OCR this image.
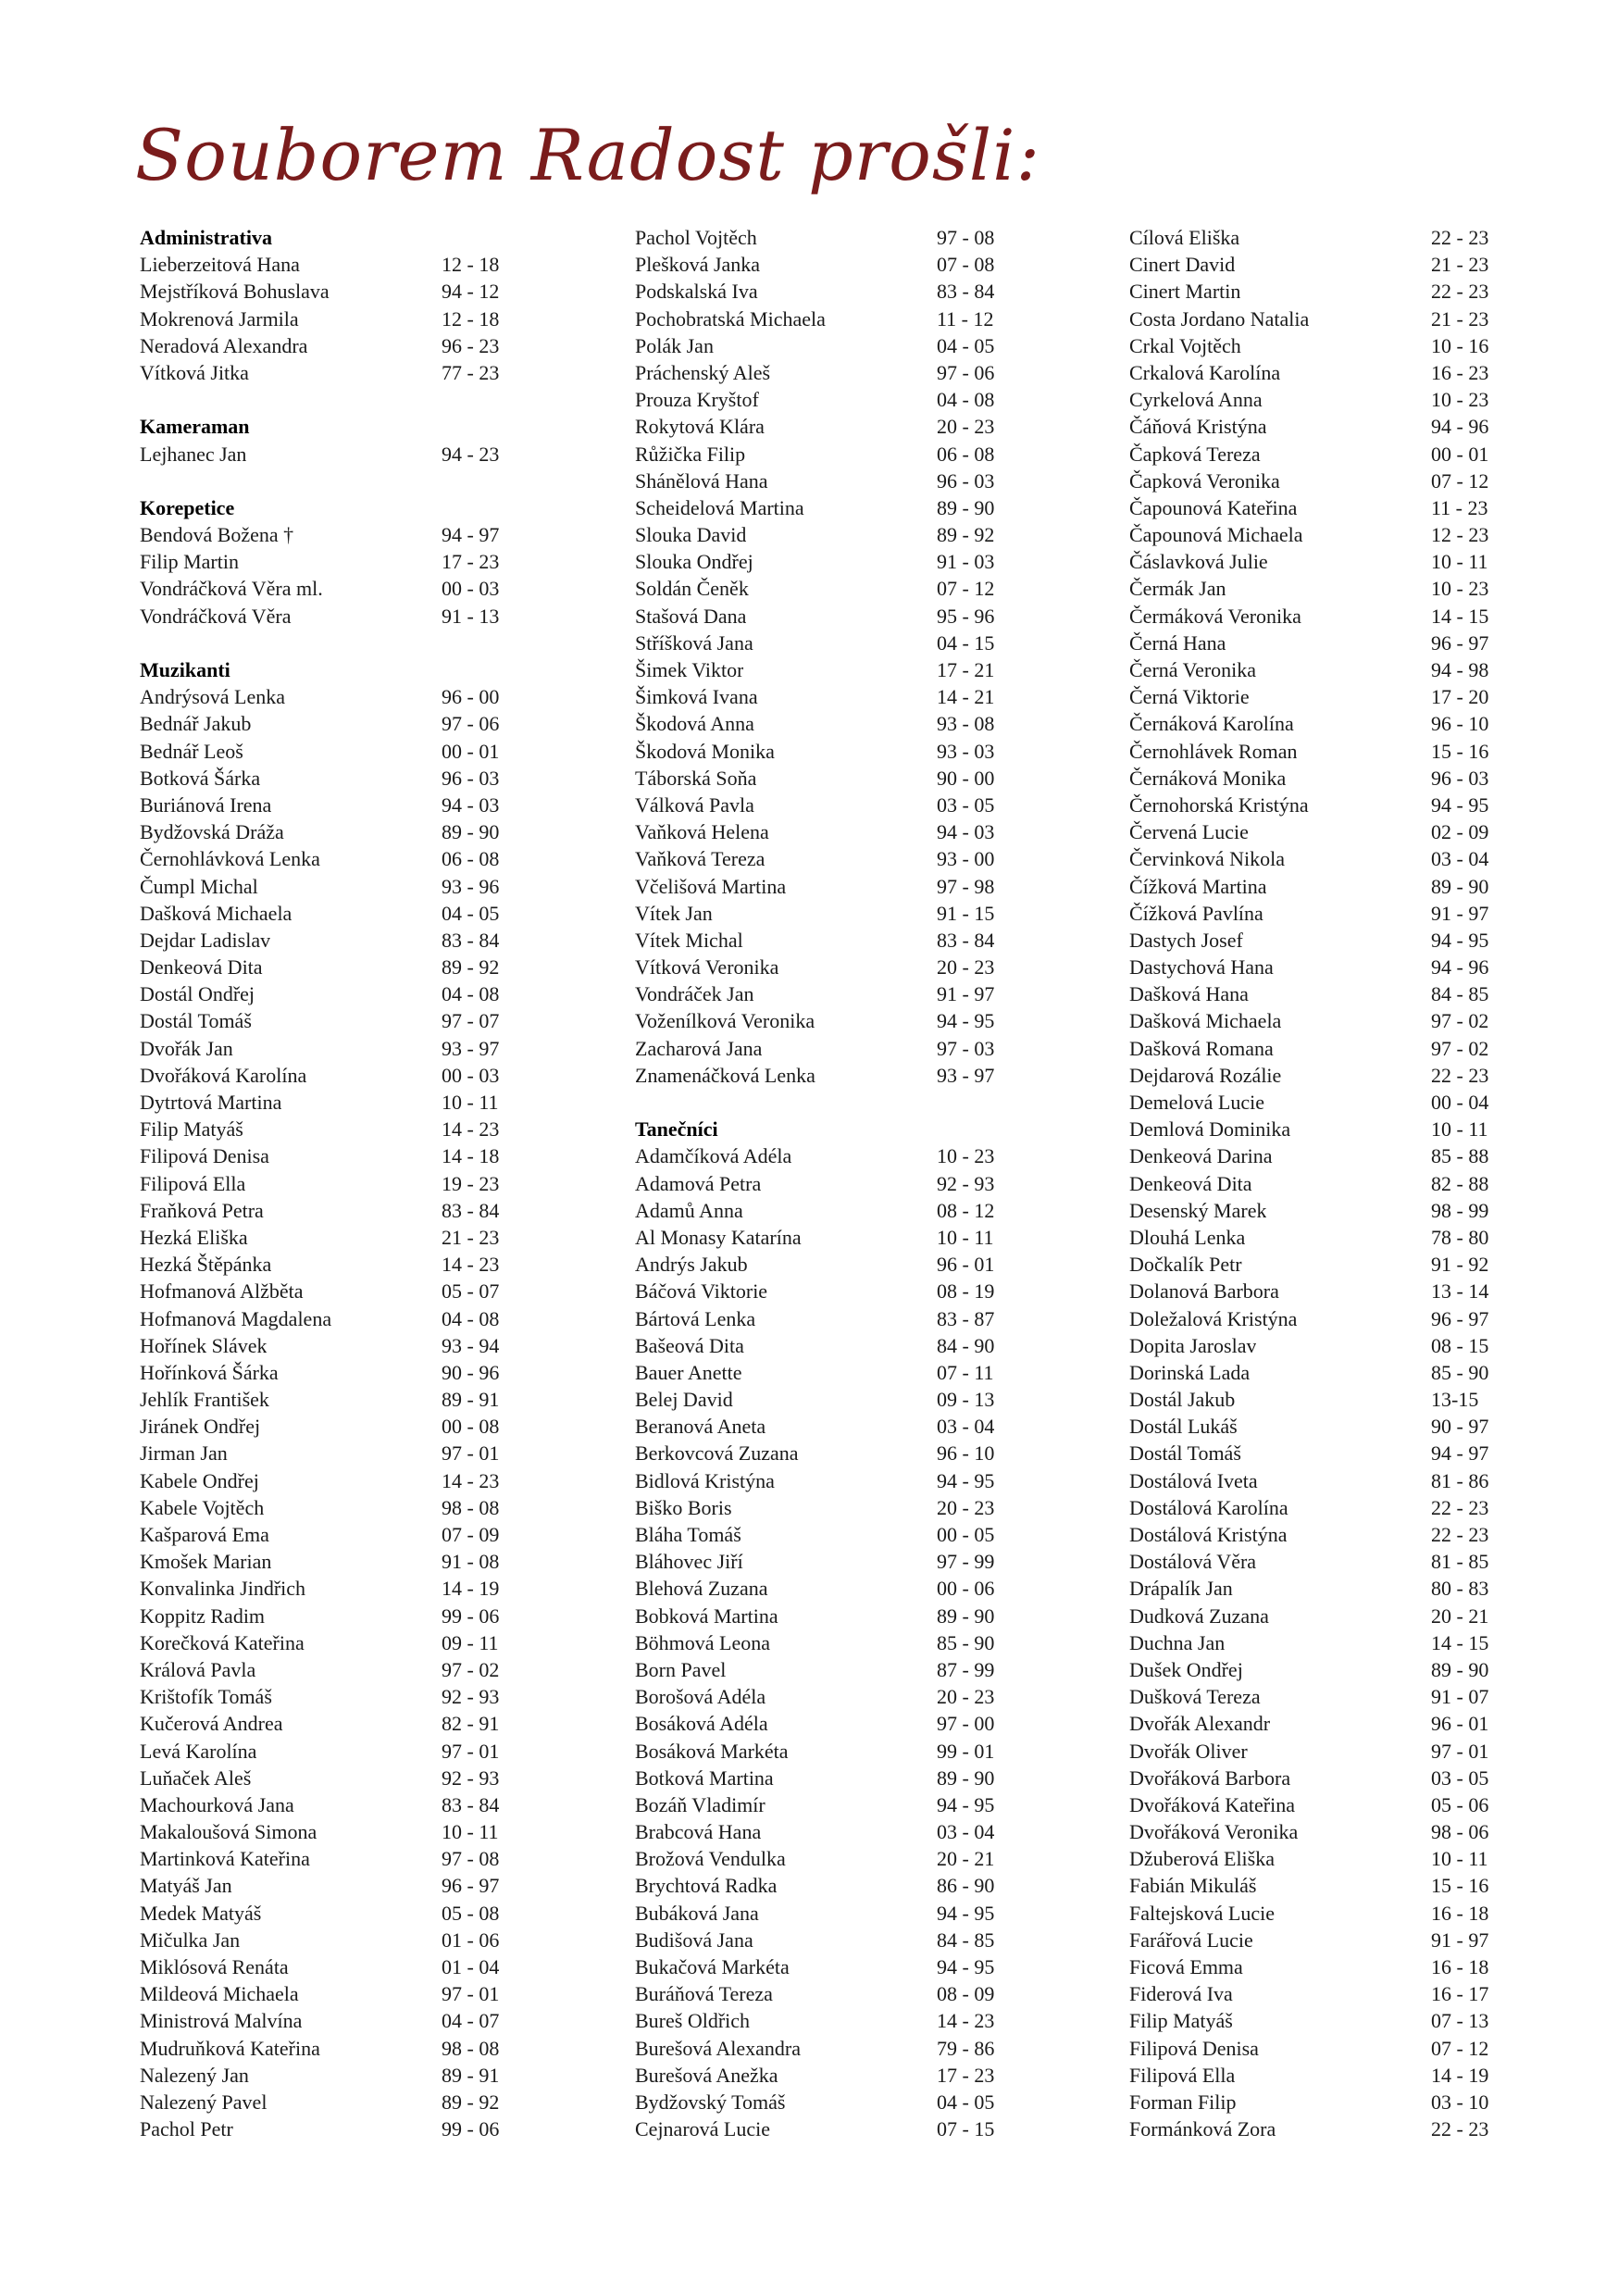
Souborem Radost prošli:
Administrativa
Lieberzeitová Hana	12 - 18
Mejstříková Bohuslava	94 - 12
Mokrenová Jarmila	12 - 18
Neradová Alexandra	96 - 23
Vítková Jitka	77 - 23
Kameraman
Lejhanec Jan	94 - 23
Korepetice
Bendová Božena †	94 - 97
Filip Martin	17 - 23
Vondráčková Věra ml.	00 - 03
Vondráčková Věra	91 - 13
Muzikanti
Andrýsová Lenka	96 - 00
Bednář Jakub	97 - 06
Bednář Leoš	00 - 01
Botková Šárka	96 - 03
Buriánová Irena	94 - 03
Bydžovská Dráža	89 - 90
Černohlávková Lenka	06 - 08
Čumpl Michal	93 - 96
Dašková Michaela	04 - 05
Dejdar Ladislav	83 - 84
Denkeová Dita	89 - 92
Dostál Ondřej	04 - 08
Dostál Tomáš	97 - 07
Dvořák Jan	93 - 97
Dvořáková Karolína	00 - 03
Dytrtová Martina	10 - 11
Filip Matyáš	14 - 23
Filipová Denisa	14 - 18
Filipová Ella	19 - 23
Fraňková Petra	83 - 84
Hezká Eliška	21 - 23
Hezká Štěpánka	14 - 23
Hofmanová Alžběta	05 - 07
Hofmanová Magdalena	04 - 08
Hořínek Slávek	93 - 94
Hořínková Šárka	90 - 96
Jehlík František	89 - 91
Jiránek Ondřej	00 - 08
Jirman Jan	97 - 01
Kabele Ondřej	14 - 23
Kabele Vojtěch	98 - 08
Kašparová Ema	07 - 09
Kmošek Marian	91 - 08
Konvalinka Jindřich	14 - 19
Koppitz Radim	99 - 06
Korečková Kateřina	09 - 11
Králová Pavla	97 - 02
Krištofík Tomáš	92 - 93
Kučerová Andrea	82 - 91
Levá Karolína	97 - 01
Luňaček Aleš	92 - 93
Machourková Jana	83 - 84
Makaloušová Simona	10 - 11
Martinková Kateřina	97 - 08
Matyáš Jan	96 - 97
Medek Matyáš	05 - 08
Mičulka Jan	01 - 06
Miklósová Renáta	01 - 04
Mildeová Michaela	97 - 01
Ministrová Malvína	04 - 07
Mudruňková Kateřina	98 - 08
Nalezený Jan	89 - 91
Nalezený Pavel	89 - 92
Pachol Petr	99 - 06
Pachol Vojtěch	97 - 08
Plešková Janka	07 - 08
Podskalská Iva	83 - 84
Pochobratská Michaela	11 - 12
Polák Jan	04 - 05
Práchenský Aleš	97 - 06
Prouza Kryštof	04 - 08
Rokytová Klára	20 - 23
Růžička Filip	06 - 08
Shánělová Hana	96 - 03
Scheidelová Martina	89 - 90
Slouka David	89 - 92
Slouka Ondřej	91 - 03
Soldán Čeněk	07 - 12
Stašová Dana	95 - 96
Stříšková Jana	04 - 15
Šimek Viktor	17 - 21
Šimková Ivana	14 - 21
Škodová Anna	93 - 08
Škodová Monika	93 - 03
Táborská Soňa	90 - 00
Válková Pavla	03 - 05
Vaňková Helena	94 - 03
Vaňková Tereza	93 - 00
Včelišová Martina	97 - 98
Vítek Jan	91 - 15
Vítek Michal	83 - 84
Vítková Veronika	20 - 23
Vondráček Jan	91 - 97
Voženílková Veronika	94 - 95
Zacharová Jana	97 - 03
Znamenáčková Lenka	93 - 97
Tanečníci
Adamčíková Adéla	10 - 23
Adamová Petra	92 - 93
Adamů Anna	08 - 12
Al Monasy Katarína	10 - 11
Andrýs Jakub	96 - 01
Báčová Viktorie	08 - 19
Bártová Lenka	83 - 87
Bašeová Dita	84 - 90
Bauer Anette	07 - 11
Belej David	09 - 13
Beranová Aneta	03 - 04
Berkovcová Zuzana	96 - 10
Bidlová Kristýna	94 - 95
Biško Boris	20 - 23
Bláha Tomáš	00 - 05
Bláhovec Jiří	97 - 99
Blehová Zuzana	00 - 06
Bobková Martina	89 - 90
Böhmová Leona	85 - 90
Born Pavel	87 - 99
Borošová Adéla	20 - 23
Bosáková Adéla	97 - 00
Bosáková Markéta	99 - 01
Botková Martina	89 - 90
Bozáň Vladimír	94 - 95
Brabcová Hana	03 - 04
Brožová Vendulka	20 - 21
Brychtová Radka	86 - 90
Bubáková Jana	94 - 95
Budišová Jana	84 - 85
Bukačová Markéta	94 - 95
Buráňová Tereza	08 - 09
Bureš Oldřich	14 - 23
Burešová Alexandra	79 - 86
Burešová Anežka	17 - 23
Bydžovský Tomáš	04 - 05
Cejnarová Lucie	07 - 15
Cílová Eliška	22 - 23
Cinert David	21 - 23
Cinert Martin	22 - 23
Costa Jordano Natalia	21 - 23
Crkal Vojtěch	10 - 16
Crkalová Karolína	16 - 23
Cyrkelová Anna	10 - 23
Čáňová Kristýna	94 - 96
Čapková Tereza	00 - 01
Čapková Veronika	07 - 12
Čapounová Kateřina	11 - 23
Čapounová Michaela	12 - 23
Čáslavková Julie	10 - 11
Čermák Jan	10 - 23
Čermáková Veronika	14 - 15
Černá Hana	96 - 97
Černá Veronika	94 - 98
Černá Viktorie	17 - 20
Černáková Karolína	96 - 10
Černohlávek Roman	15 - 16
Černáková Monika	96 - 03
Černohorská Kristýna	94 - 95
Červená Lucie	02 - 09
Červinková Nikola	03 - 04
Čížková Martina	89 - 90
Čížková Pavlína	91 - 97
Dastych Josef	94 - 95
Dastychová Hana	94 - 96
Dašková Hana	84 - 85
Dašková Michaela	97 - 02
Dašková Romana	97 - 02
Dejdarová Rozálie	22 - 23
Demelová Lucie	00 - 04
Demlová Dominika	10 - 11
Denkeová Darina	85 - 88
Denkeová Dita	82 - 88
Desenský Marek	98 - 99
Dlouhá Lenka	78 - 80
Dočkalík Petr	91 - 92
Dolanová Barbora	13 - 14
Doležalová Kristýna	96 - 97
Dopita Jaroslav	08 - 15
Dorinská Lada	85 - 90
Dostál Jakub	13-15
Dostál Lukáš	90 - 97
Dostál Tomáš	94 - 97
Dostálová Iveta	81 - 86
Dostálová Karolína	22 - 23
Dostálová Kristýna	22 - 23
Dostálová Věra	81 - 85
Drápalík Jan	80 - 83
Dudková Zuzana	20 - 21
Duchna Jan	14 - 15
Dušek Ondřej	89 - 90
Dušková Tereza	91 - 07
Dvořák Alexandr	96 - 01
Dvořák Oliver	97 - 01
Dvořáková Barbora	03 - 05
Dvořáková Kateřina	05 - 06
Dvořáková Veronika	98 - 06
Džuberová Eliška	10 - 11
Fabián Mikuláš	15 - 16
Faltejsková Lucie	16 - 18
Farářová Lucie	91 - 97
Ficová Emma	16 - 18
Fiderová Iva	16 - 17
Filip Matyáš	07 - 13
Filipová Denisa	07 - 12
Filipová Ella	14 - 19
Forman Filip	03 - 10
Formánková Zora	22 - 23
